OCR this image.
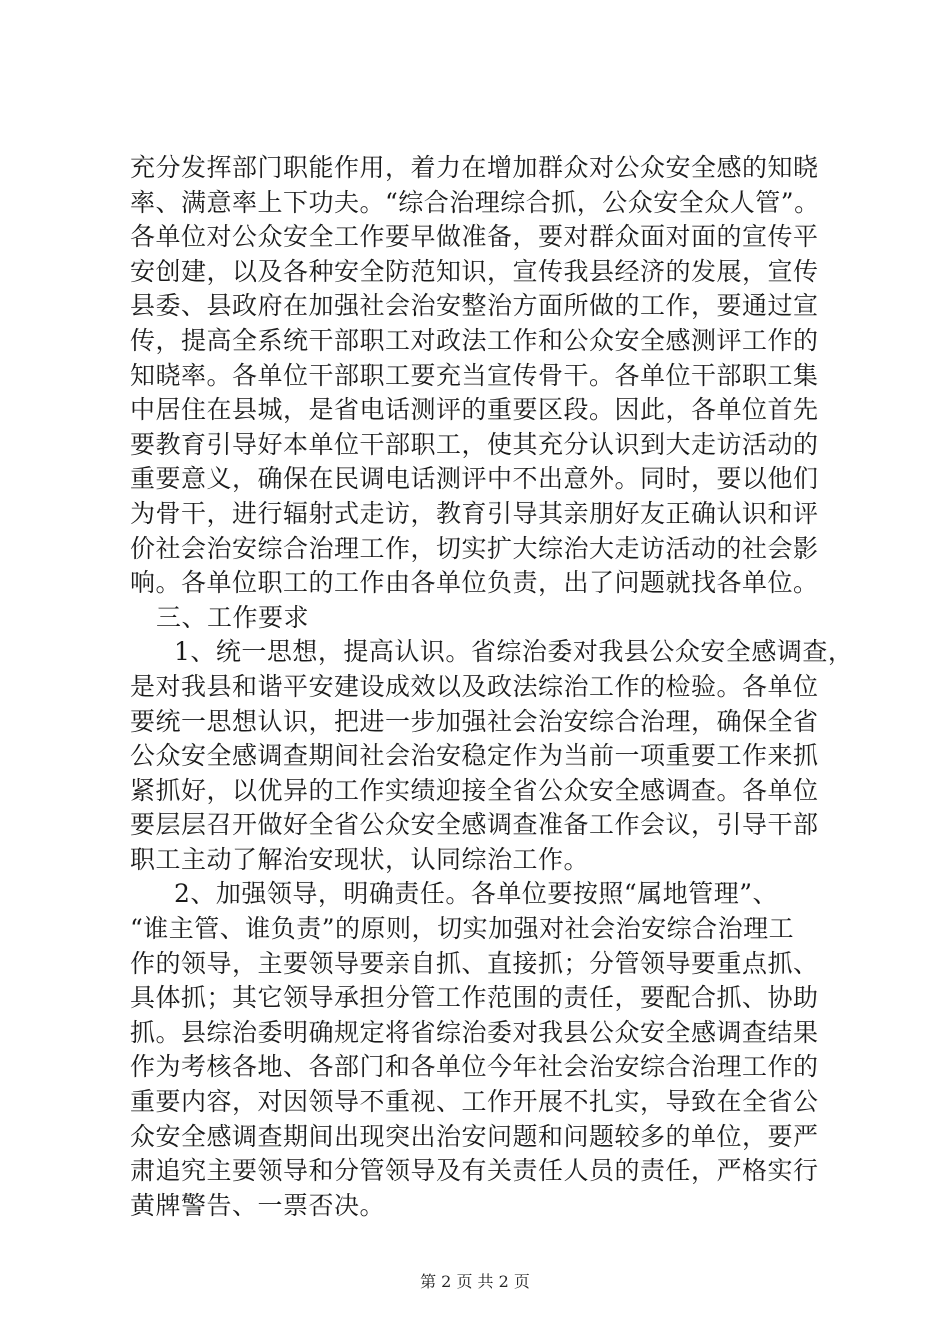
充分发挥部门职能作用，着力在增加群众对公众安全感的知晓
率、满意率上下功夫。“综合治理综合抓，公众安全众人管”。
各单位对公众安全工作要早做准备，要对群众面对面的宣传平
安创建，以及各种安全防范知识，宣传我县经济的发展，宣传
县委、县政府在加强社会治安整治方面所做的工作，要通过宣
传，提高全系统干部职工对政法工作和公众安全感测评工作的
知晓率。各单位干部职工要充当宣传骨干。各单位干部职工集
中居住在县城，是省电话测评的重要区段。因此，各单位首先
要教育引导好本单位干部职工，使其充分认识到大走访活动的
重要意义，确保在民调电话测评中不出意外。同时，要以他们
为骨干，进行辐射式走访，教育引导其亲朋好友正确认识和评
价社会治安综合治理工作，切实扩大综治大走访活动的社会影
响。各单位职工的工作由各单位负责，出了问题就找各单位。
三、工作要求
1、统一思想，提高认识。省综治委对我县公众安全感调查，
是对我县和谐平安建设成效以及政法综治工作的检验。各单位
要统一思想认识，把进一步加强社会治安综合治理，确保全省
公众安全感调查期间社会治安稳定作为当前一项重要工作来抓
紧抓好，以优异的工作实绩迎接全省公众安全感调查。各单位
要层层召开做好全省公众安全感调查准备工作会议，引导干部
职工主动了解治安现状，认同综治工作。
2、加强领导，明确责任。各单位要按照“属地管理”、
“谁主管、谁负责”的原则，切实加强对社会治安综合治理工
作的领导，主要领导要亲自抓、直接抓；分管领导要重点抓、
具体抓；其它领导承担分管工作范围的责任，要配合抓、协助
抓。县综治委明确规定将省综治委对我县公众安全感调查结果
作为考核各地、各部门和各单位今年社会治安综合治理工作的
重要内容，对因领导不重视、工作开展不扎实，导致在全省公
众安全感调查期间出现突出治安问题和问题较多的单位，要严
肃追究主要领导和分管领导及有关责任人员的责任，严格实行
黄牌警告、一票否决。
第 2 页 共 2 页
